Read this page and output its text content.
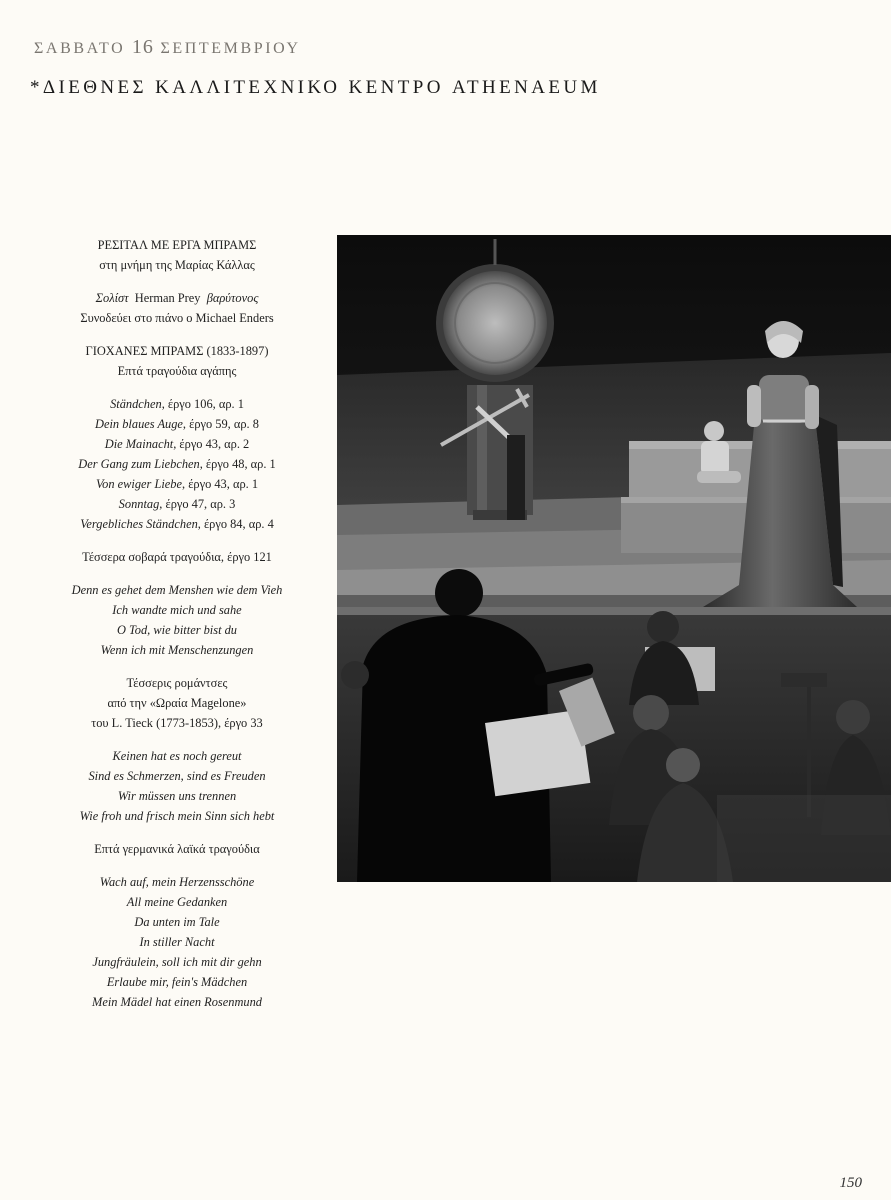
ΣΑΒΒΑΤΟ 16 ΣΕΠΤΕΜΒΡΙΟΥ
*ΔΙΕΘΝΕΣ ΚΑΛΛΙΤΕΧΝΙΚΟ ΚΕΝΤΡΟ ATHENAEUM
ΡΕΣΙΤΑΛ ΜΕ ΕΡΓΑ ΜΠΡΑΜΣ
στη μνήμη της Μαρίας Κάλλας
Σολίστ Herman Prey βαρύτονος
Συνοδεύει στο πιάνο ο Michael Enders
ΓΙΟΧΑΝΕΣ ΜΠΡΑΜΣ (1833-1897)
Επτά τραγούδια αγάπης
Ständchen, έργο 106, αρ. 1
Dein blaues Auge, έργο 59, αρ. 8
Die Mainacht, έργο 43, αρ. 2
Der Gang zum Liebchen, έργο 48, αρ. 1
Von ewiger Liebe, έργο 43, αρ. 1
Sonntag, έργο 47, αρ. 3
Vergebliches Ständchen, έργο 84, αρ. 4
Τέσσερα σοβαρά τραγούδια, έργο 121
Denn es gehet dem Menshen wie dem Vieh
Ich wandte mich und sahe
O Tod, wie bitter bist du
Wenn ich mit Menschenzungen
Τέσσερις ρομάντσες
από την «Ωραία Magelone»
του L. Tieck (1773-1853), έργο 33
Keinen hat es noch gereut
Sind es Schmerzen, sind es Freuden
Wir müssen uns trennen
Wie froh und frisch mein Sinn sich hebt
Επτά γερμανικά λαϊκά τραγούδια
Wach auf, mein Herzensschöne
All meine Gedanken
Da unten im Tale
In stiller Nacht
Jungfräulein, soll ich mit dir gehn
Erlaube mir, fein's Mädchen
Mein Mädel hat einen Rosenmund
150
